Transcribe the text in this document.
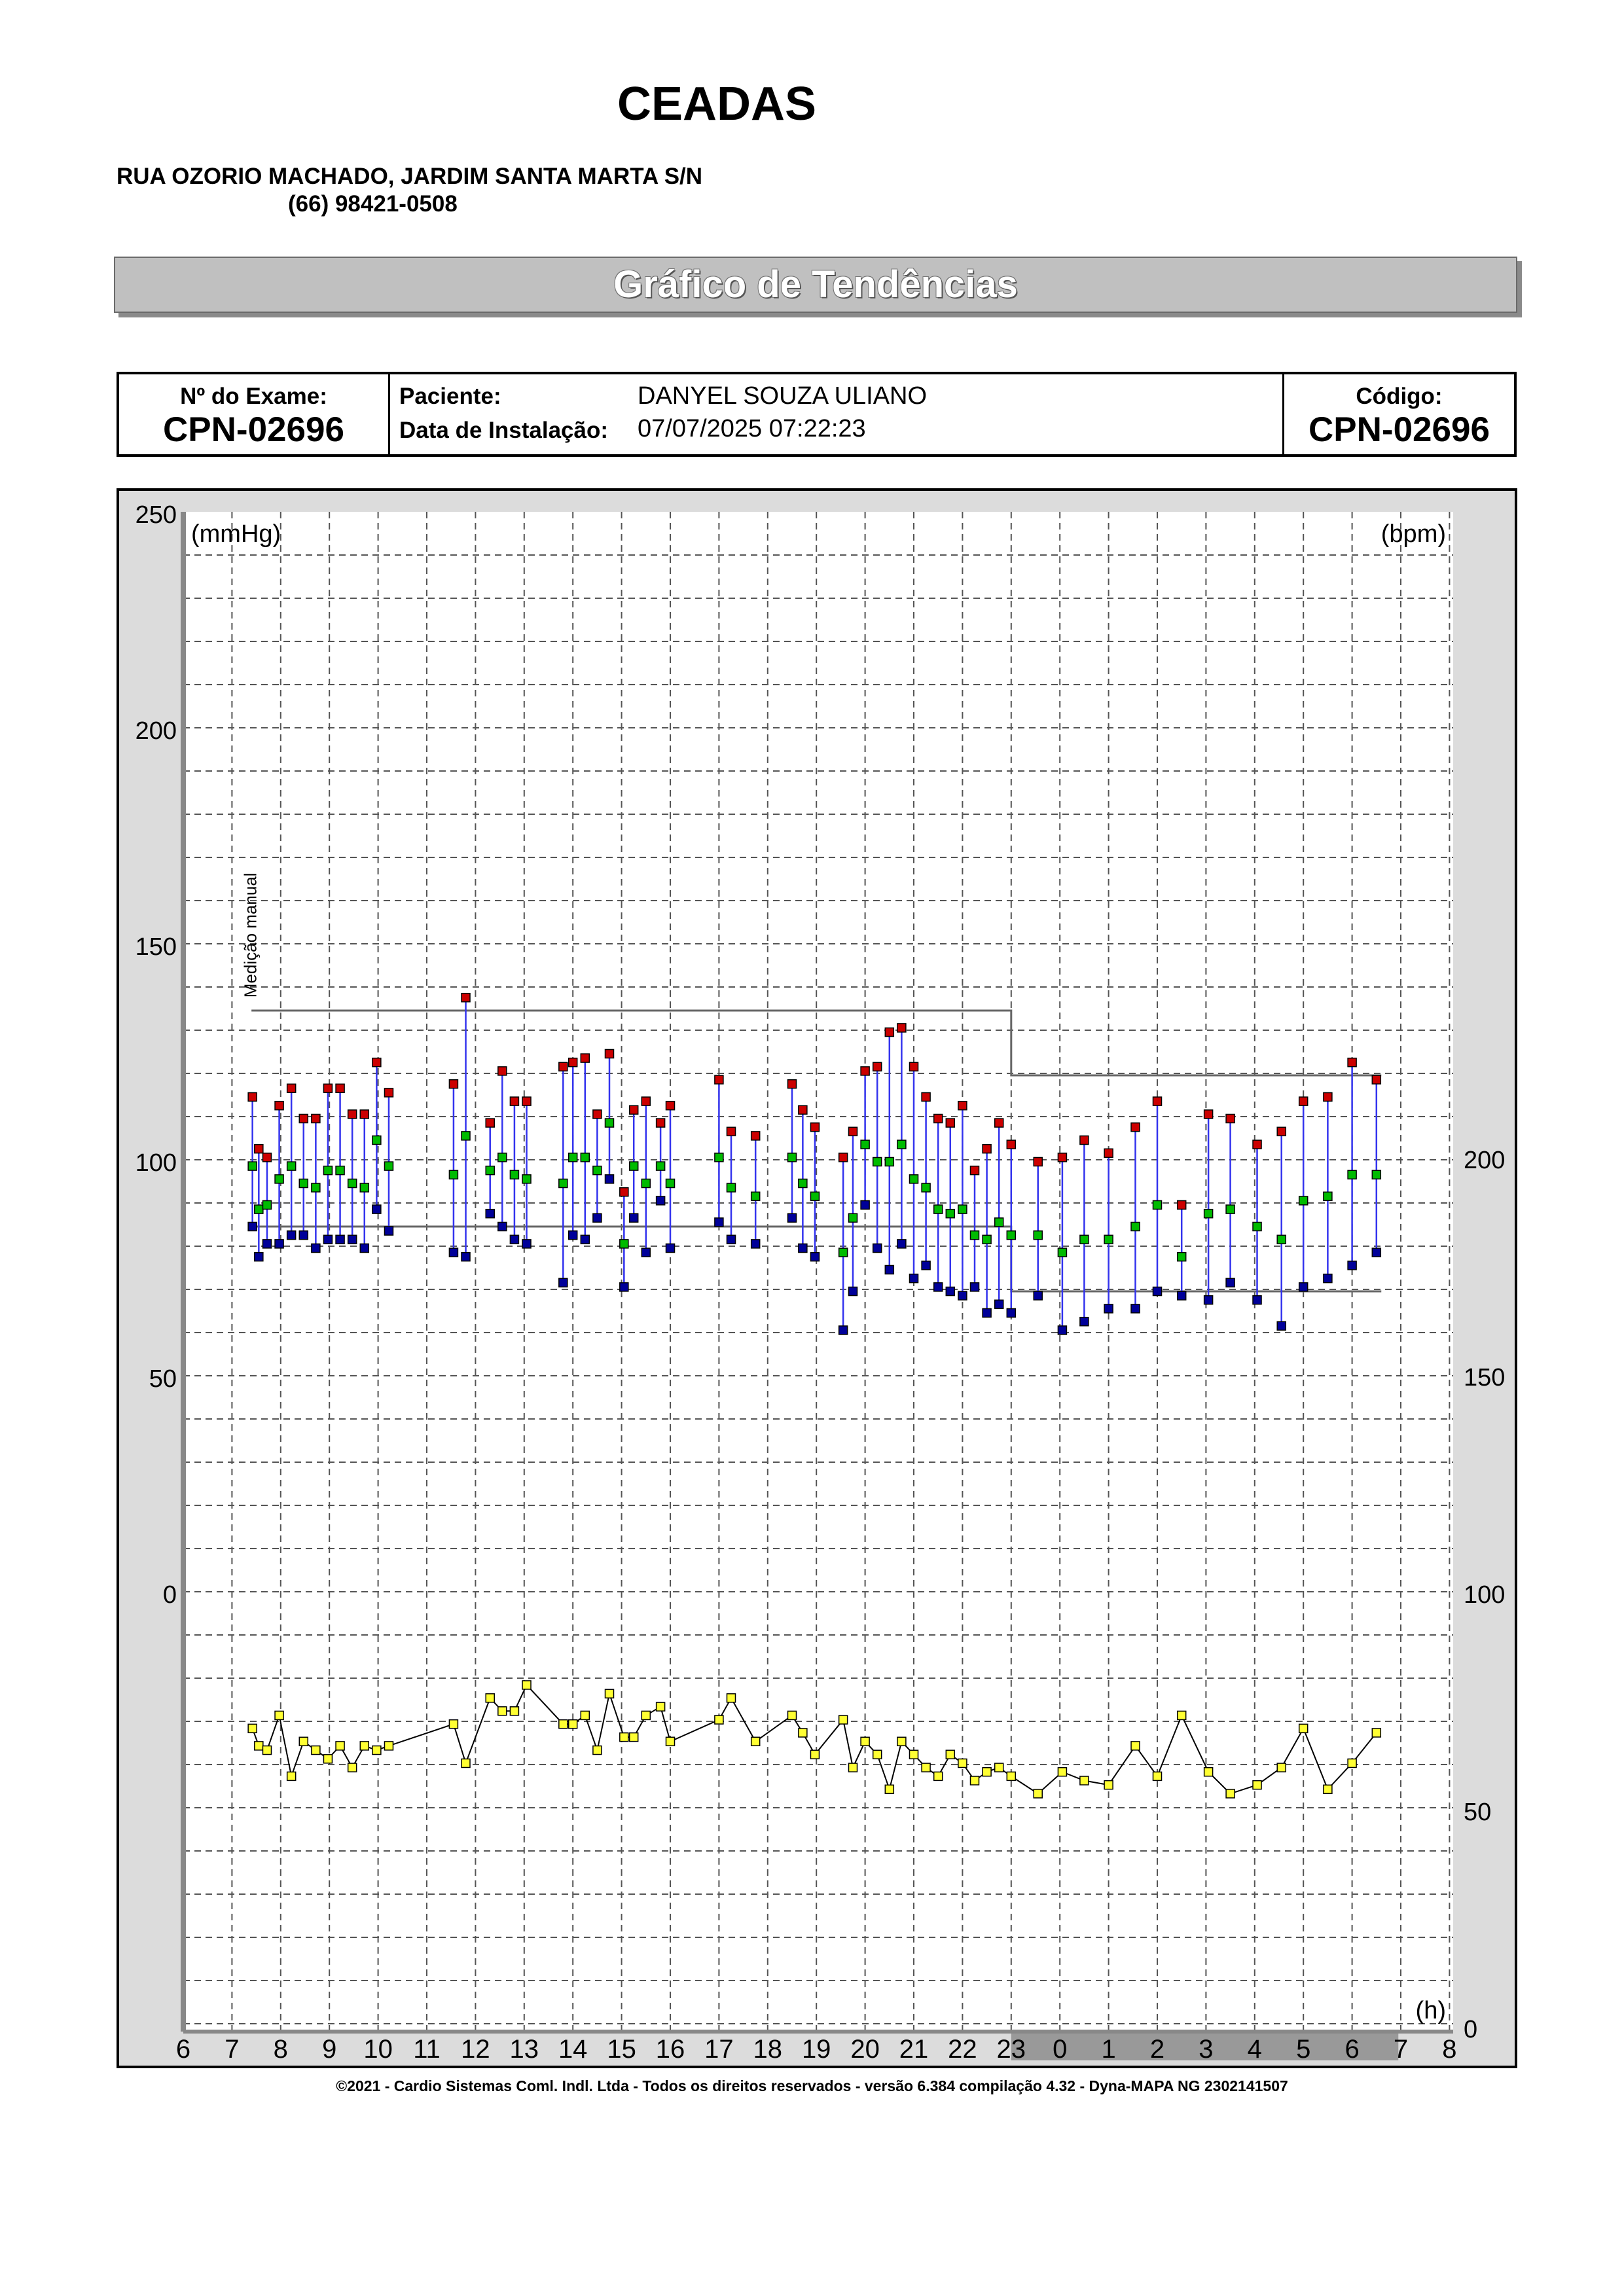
CEADAS
RUA OZORIO MACHADO, JARDIM SANTA MARTA S/N
(66) 98421-0508
Gráfico de Tendências
Nº do Exame:
CPN-02696
Paciente:	DANYEL SOUZA ULIANO
Data de Instalação: 07/07/2025 07:22:23
Código:
CPN-02696
250
200
150
100
50
0
200
150
100
50
0
6 7 8 9 10 11 12 13 14 15 16 17 18 19 20 21 22 23 0 1 2 3 4 5 6 7 8
(mmHg)	(bpm)
(h)
Medição manual
©2021 - Cardio Sistemas Coml. Indl. Ltda - Todos os direitos reservados - versão 6.384 compilação 4.32 - Dyna-MAPA NG 2302141507
